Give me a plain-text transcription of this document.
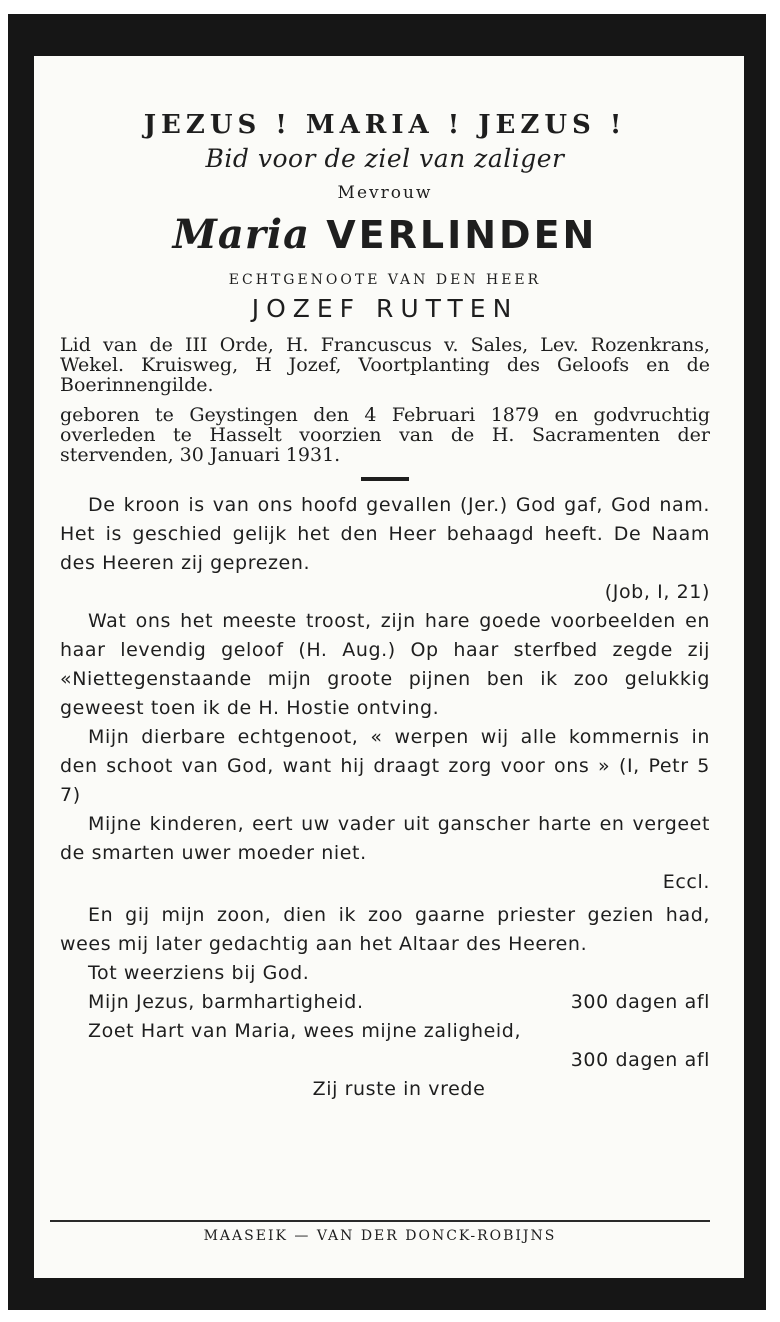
JEZUS ! MARIA ! JEZUS !

Bid voor de ziel van zaliger

Mevrouw

Maria VERLINDEN

ECHTGENOOTE VAN DEN HEER

JOZEF RUTTEN

Lid van de III Orde, H. Francuscus v. Sales, Lev. Rozenkrans, Wekel. Kruisweg, H Jozef, Voortplanting des Geloofs en de Boerinnengilde.

geboren te Geystingen den 4 Februari 1879 en godvruchtig overleden te Hasselt voorzien van de H. Sacramenten der stervenden, 30 Januari 1931.

De kroon is van ons hoofd gevallen (Jer.) God gaf, God nam. Het is geschied gelijk het den Heer behaagd heeft. De Naam des Heeren zij geprezen.

(Job, I, 21)

Wat ons het meeste troost, zijn hare goede voorbeelden en haar levendig geloof (H. Aug.) Op haar sterfbed zegde zij «Niettegenstaande mijn groote pijnen ben ik zoo gelukkig geweest toen ik de H. Hostie ontving.

Mijn dierbare echtgenoot, « werpen wij alle kommernis in den schoot van God, want hij draagt zorg voor ons » (I, Petr 5 7)

Mijne kinderen, eert uw vader uit ganscher harte en vergeet de smarten uwer moeder niet.

Eccl.

En gij mijn zoon, dien ik zoo gaarne priester gezien had, wees mij later gedachtig aan het Altaar des Heeren.

Tot weerziens bij God.
Mijn Jezus, barmhartigheid.	300 dagen afl
Zoet Hart van Maria, wees mijne zaligheid,
300 dagen afl
Zij ruste in vrede
MAASEIK — VAN DER DONCK-ROBIJNS
